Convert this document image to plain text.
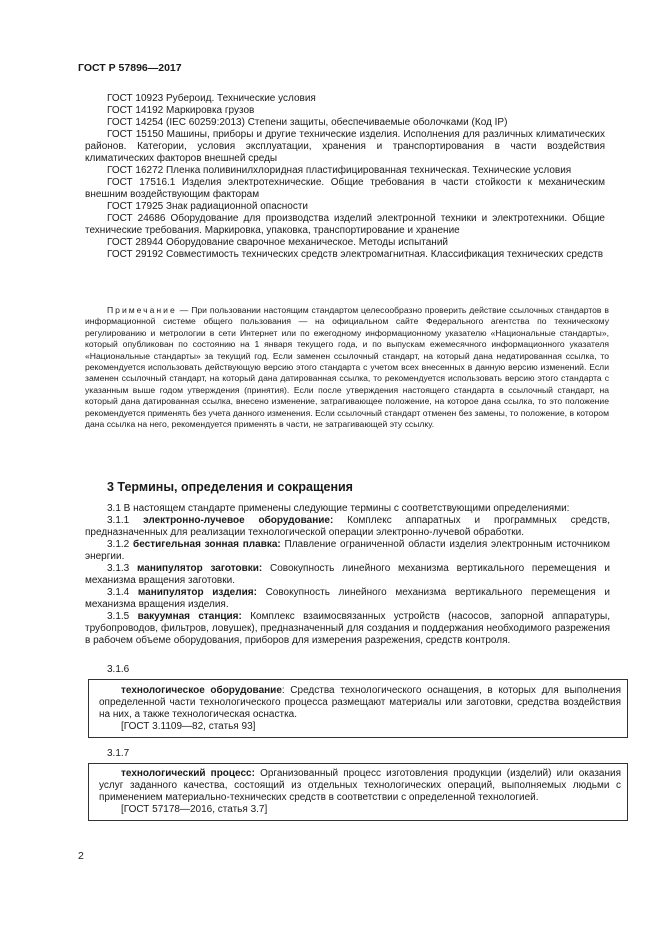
ГОСТ Р 57896—2017

ГОСТ 10923 Рубероид. Технические условия

ГОСТ 14192 Маркировка грузов

ГОСТ 14254 (IEC 60259:2013) Степени защиты, обеспечиваемые оболочками (Код IP)

ГОСТ 15150 Машины, приборы и другие технические изделия. Исполнения для различных климатических районов. Категории, условия эксплуатации, хранения и транспортирования в части воздействия климатических факторов внешней среды

ГОСТ 16272 Пленка поливинилхлоридная пластифицированная техническая. Технические условия

ГОСТ 17516.1 Изделия электротехнические. Общие требования в части стойкости к механическим внешним воздействующим факторам

ГОСТ 17925 Знак радиационной опасности

ГОСТ 24686 Оборудование для производства изделий электронной техники и электротехники. Общие технические требования. Маркировка, упаковка, транспортирование и хранение

ГОСТ 28944 Оборудование сварочное механическое. Методы испытаний

ГОСТ 29192 Совместимость технических средств электромагнитная. Классификация технических средств

Примечание — При пользовании настоящим стандартом целесообразно проверить действие ссылочных стандартов в информационной системе общего пользования — на официальном сайте Федерального агентства по техническому регулированию и метрологии в сети Интернет или по ежегодному информационному указателю «Национальные стандарты», который опубликован по состоянию на 1 января текущего года, и по выпускам ежемесячного информационного указателя «Национальные стандарты» за текущий год. Если заменен ссылочный стандарт, на который дана недатированная ссылка, то рекомендуется использовать действующую версию этого стандарта с учетом всех внесенных в данную версию изменений. Если заменен ссылочный стандарт, на который дана датированная ссылка, то рекомендуется использовать версию этого стандарта с указанным выше годом утверждения (принятия). Если после утверждения настоящего стандарта в ссылочный стандарт, на который дана датированная ссылка, внесено изменение, затрагивающее положение, на которое дана ссылка, то это положение рекомендуется применять без учета данного изменения. Если ссылочный стандарт отменен без замены, то положение, в котором дана ссылка на него, рекомендуется применять в части, не затрагивающей эту ссылку.

3 Термины, определения и сокращения

3.1 В настоящем стандарте применены следующие термины с соответствующими определениями:

3.1.1 электронно-лучевое оборудование: Комплекс аппаратных и программных средств, предназначенных для реализации технологической операции электронно-лучевой обработки.

3.1.2 бестигельная зонная плавка: Плавление ограниченной области изделия электронным источником энергии.

3.1.3 манипулятор заготовки: Совокупность линейного механизма вертикального перемещения и механизма вращения заготовки.

3.1.4 манипулятор изделия: Совокупность линейного механизма вертикального перемещения и механизма вращения изделия.

3.1.5 вакуумная станция: Комплекс взаимосвязанных устройств (насосов, запорной аппаратуры, трубопроводов, фильтров, ловушек), предназначенный для создания и поддержания необходимого разрежения в рабочем объеме оборудования, приборов для измерения разрежения, средств контроля.

3.1.6

технологическое оборудование: Средства технологического оснащения, в которых для выполнения определенной части технологического процесса размещают материалы или заготовки, средства воздействия на них, а также технологическая оснастка.

[ГОСТ 3.1109—82, статья 93]

3.1.7

технологический процесс: Организованный процесс изготовления продукции (изделий) или оказания услуг заданного качества, состоящий из отдельных технологических операций, выполняемых людьми с применением материально-технических средств в соответствии с определенной технологией.

[ГОСТ 57178—2016, статья 3.7]

2
